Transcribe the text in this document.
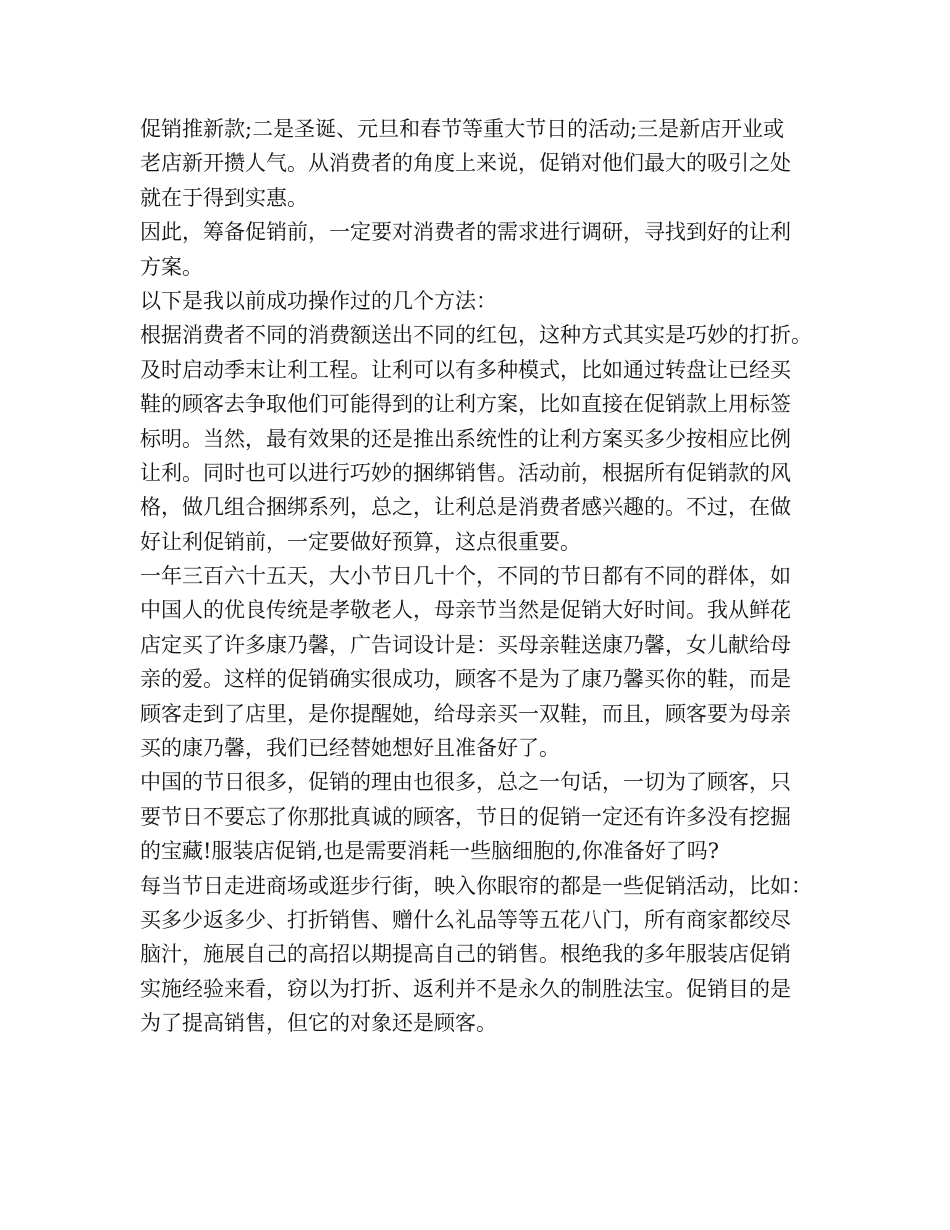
促销推新款;二是圣诞、元旦和春节等重大节日的活动;三是新店开业或
老店新开攒人气。从消费者的角度上来说，促销对他们最大的吸引之处
就在于得到实惠。
因此，筹备促销前，一定要对消费者的需求进行调研，寻找到好的让利
方案。
以下是我以前成功操作过的几个方法：
根据消费者不同的消费额送出不同的红包，这种方式其实是巧妙的打折。
及时启动季末让利工程。让利可以有多种模式，比如通过转盘让已经买
鞋的顾客去争取他们可能得到的让利方案，比如直接在促销款上用标签
标明。当然，最有效果的还是推出系统性的让利方案买多少按相应比例
让利。同时也可以进行巧妙的捆绑销售。活动前，根据所有促销款的风
格，做几组合捆绑系列，总之，让利总是消费者感兴趣的。不过，在做
好让利促销前，一定要做好预算，这点很重要。
一年三百六十五天，大小节日几十个，不同的节日都有不同的群体，如
中国人的优良传统是孝敬老人，母亲节当然是促销大好时间。我从鲜花
店定买了许多康乃馨，广告词设计是：买母亲鞋送康乃馨，女儿献给母
亲的爱。这样的促销确实很成功，顾客不是为了康乃馨买你的鞋，而是
顾客走到了店里，是你提醒她，给母亲买一双鞋，而且，顾客要为母亲
买的康乃馨，我们已经替她想好且准备好了。
中国的节日很多，促销的理由也很多，总之一句话，一切为了顾客，只
要节日不要忘了你那批真诚的顾客，节日的促销一定还有许多没有挖掘
的宝藏!服装店促销,也是需要消耗一些脑细胞的,你准备好了吗?
每当节日走进商场或逛步行街，映入你眼帘的都是一些促销活动，比如：
买多少返多少、打折销售、赠什么礼品等等五花八门，所有商家都绞尽
脑汁，施展自己的高招以期提高自己的销售。根绝我的多年服装店促销
实施经验来看，窃以为打折、返利并不是永久的制胜法宝。促销目的是
为了提高销售，但它的对象还是顾客。
